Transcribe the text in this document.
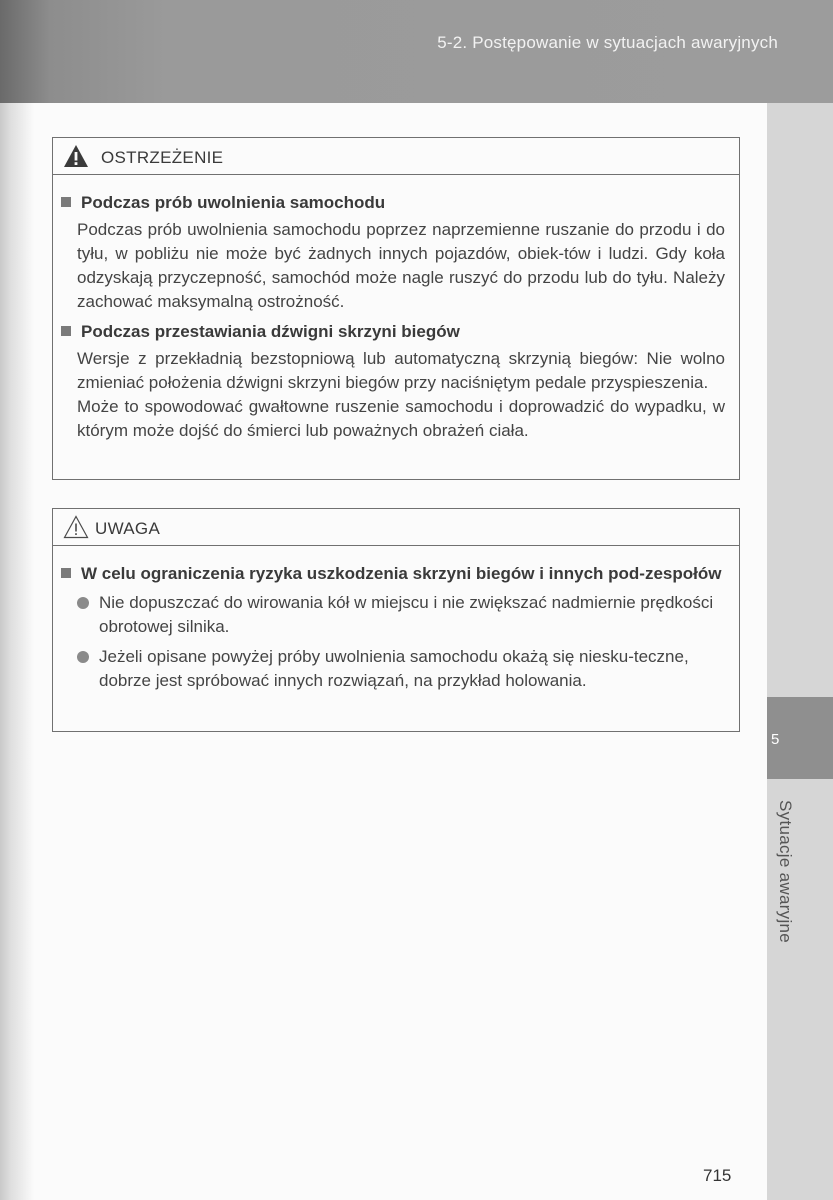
5-2. Postępowanie w sytuacjach awaryjnych
5
Sytuacje awaryjne
OSTRZEŻENIE
Podczas prób uwolnienia samochodu
Podczas prób uwolnienia samochodu poprzez naprzemienne ruszanie do przodu i do tyłu, w pobliżu nie może być żadnych innych pojazdów, obiek-tów i ludzi. Gdy koła odzyskają przyczepność, samochód może nagle ruszyć do przodu lub do tyłu. Należy zachować maksymalną ostrożność.
Podczas przestawiania dźwigni skrzyni biegów
Wersje z przekładnią bezstopniową lub automatyczną skrzynią biegów: Nie wolno zmieniać położenia dźwigni skrzyni biegów przy naciśniętym pedale przyspieszenia.
Może to spowodować gwałtowne ruszenie samochodu i doprowadzić do wypadku, w którym może dojść do śmierci lub poważnych obrażeń ciała.
UWAGA
W celu ograniczenia ryzyka uszkodzenia skrzyni biegów i innych pod-zespołów
Nie dopuszczać do wirowania kół w miejscu i nie zwiększać nadmiernie prędkości obrotowej silnika.
Jeżeli opisane powyżej próby uwolnienia samochodu okażą się niesku-teczne, dobrze jest spróbować innych rozwiązań, na przykład holowania.
715
